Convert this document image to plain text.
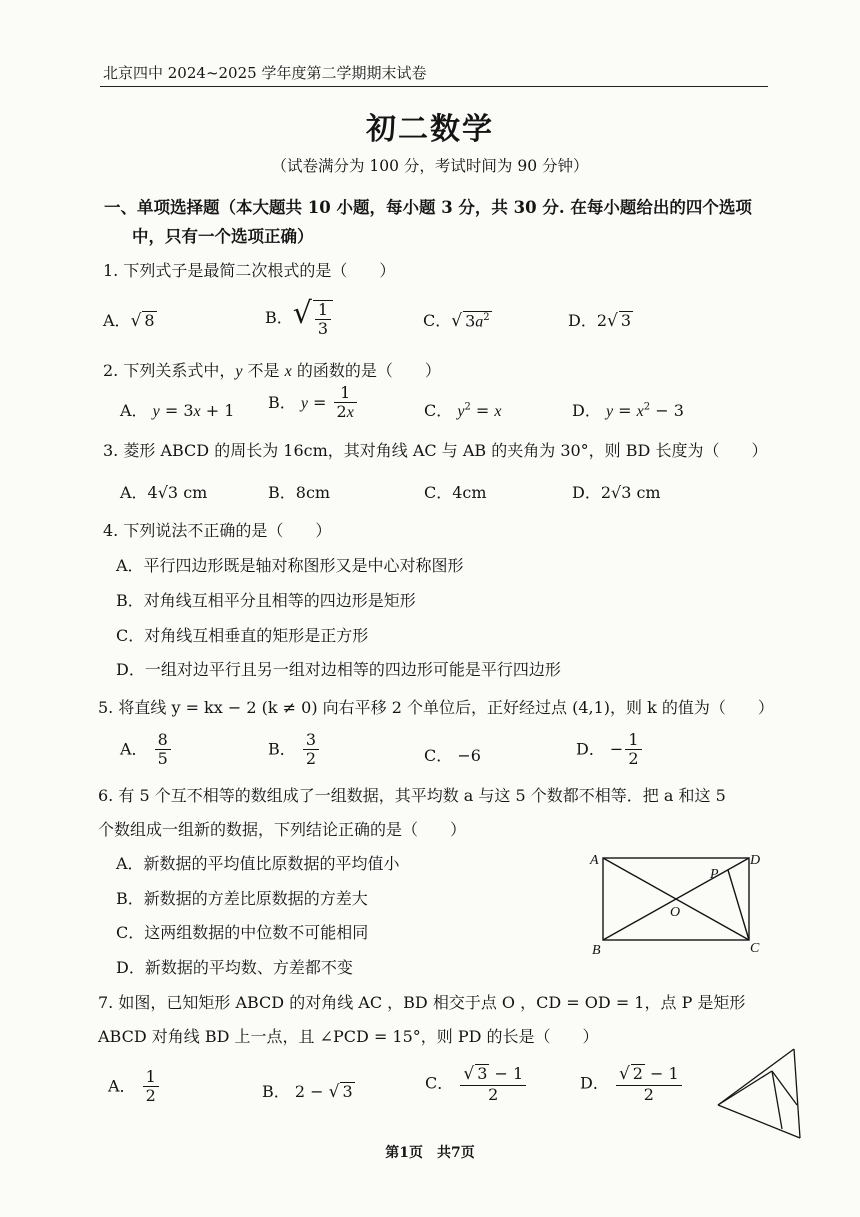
北京四中 2024~2025 学年度第二学期期末试卷
初二数学
（试卷满分为 100 分，考试时间为 90 分钟）
一、单项选择题（本大题共 10 小题，每小题 3 分，共 30 分. 在每小题给出的四个选项
中，只有一个选项正确）
1. 下列式子是最简二次根式的是（　　）
A．√ 8	B．√ $\frac{1}{3}$	C．√ $3a^2$	D．2√ 3
2. 下列关系式中，y 不是 x 的函数的是（　　）
A． y = 3x + 1 B． $y = \frac{1}{2x}$	C． $y^2 = x$	D． $y = x^2 - 3$
3. 菱形 ABCD 的周长为 16cm，其对角线 AC 与 AB 的夹角为 30°，则 BD 长度为（　　）
A．4√3 cm	B．8cm	C．4cm	D．2√3 cm
4. 下列说法不正确的是（　　）
A．平行四边形既是轴对称图形又是中心对称图形
B．对角线互相平分且相等的四边形是矩形
C．对角线互相垂直的矩形是正方形
D．一组对边平行且另一组对边相等的四边形可能是平行四边形
5. 将直线 y = kx − 2 (k ≠ 0) 向右平移 2 个单位后，正好经过点 (4,1)，则 k 的值为（　　）
A． $\frac{8}{5}$	B． $\frac{3}{2}$	C． −6	D． − $\frac{1}{2}$
6. 有 5 个互不相等的数组成了一组数据，其平均数 a 与这 5 个数都不相等．把 a 和这 5
个数组成一组新的数据，下列结论正确的是（　　）
A．新数据的平均值比原数据的平均值小
B．新数据的方差比原数据的方差大
C．这两组数据的中位数不可能相同
D．新数据的平均数、方差都不变
A	D
B	C
O
P
7. 如图，已知矩形 ABCD 的对角线 AC ，BD 相交于点 O ，CD = OD = 1，点 P 是矩形
ABCD 对角线 BD 上一点，且 ∠PCD = 15°，则 PD 的长是（　　）
A． $\frac{1}{2}$	B． 2 − √ 3	C． $\frac{√ 3 - 1}{2}$	D． $\frac{√ 2 - 1}{2}$
第1页　共7页
